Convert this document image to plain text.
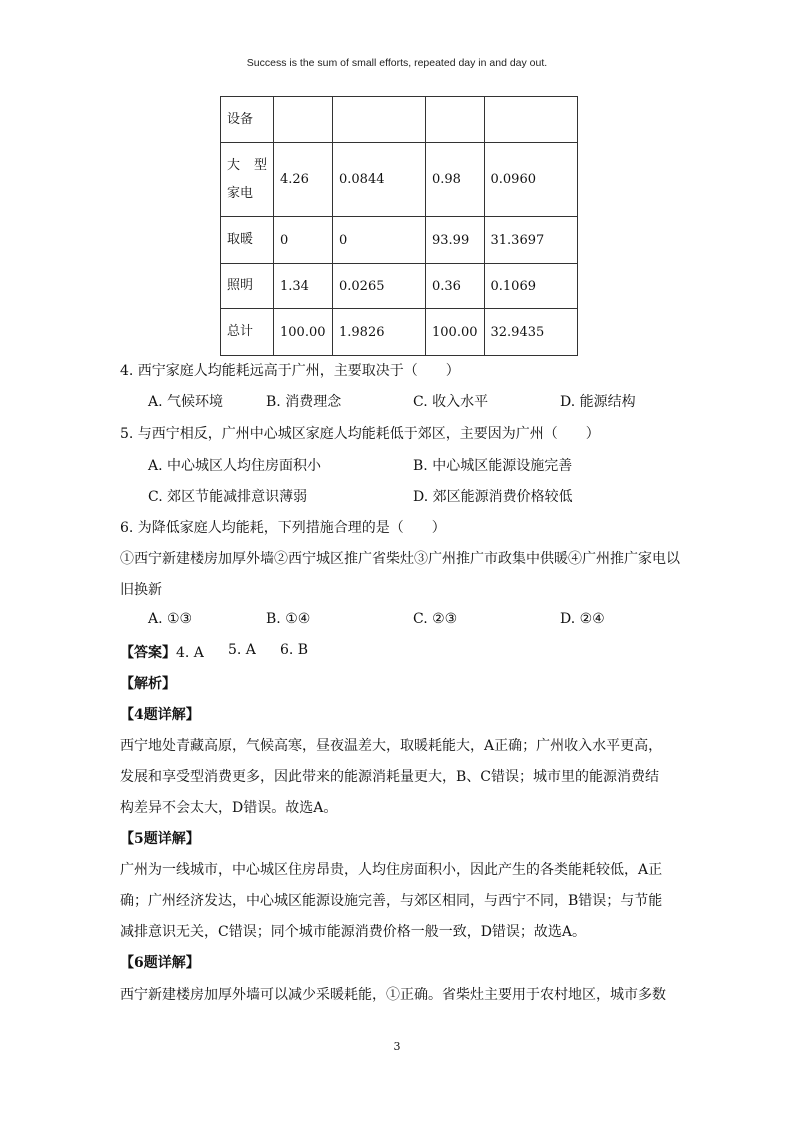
Success is the sum of small efforts, repeated day in and day out.
设备				

大 型
家电	4.26	0.0844	0.98	0.0960
取暖	0	0	93.99	31.3697
照明	1.34	0.0265	0.36	0.1069
总计	100.00	1.9826	100.00	32.9435
4. 西宁家庭人均能耗远高于广州，主要取决于（　　）
A. 气候环境	B. 消费理念	C. 收入水平	D. 能源结构
5. 与西宁相反，广州中心城区家庭人均能耗低于郊区，主要因为广州（　　）
A. 中心城区人均住房面积小	B. 中心城区能源设施完善
C. 郊区节能减排意识薄弱	D. 郊区能源消费价格较低
6. 为降低家庭人均能耗，下列措施合理的是（　　）
①西宁新建楼房加厚外墙②西宁城区推广省柴灶③广州推广市政集中供暖④广州推广家电以
旧换新
A. ①③	B. ①④	C. ②③	D. ②④
【答案】4. A 5. A 6. B
【解析】
【4题详解】
西宁地处青藏高原，气候高寒，昼夜温差大，取暖耗能大，A正确；广州收入水平更高，
发展和享受型消费更多，因此带来的能源消耗量更大，B、C错误；城市里的能源消费结
构差异不会太大，D错误。故选A。
【5题详解】
广州为一线城市，中心城区住房昂贵，人均住房面积小，因此产生的各类能耗较低，A正
确；广州经济发达，中心城区能源设施完善，与郊区相同，与西宁不同，B错误；与节能
减排意识无关，C错误；同个城市能源消费价格一般一致，D错误；故选A。
【6题详解】
西宁新建楼房加厚外墙可以减少采暖耗能，①正确。省柴灶主要用于农村地区，城市多数
3
